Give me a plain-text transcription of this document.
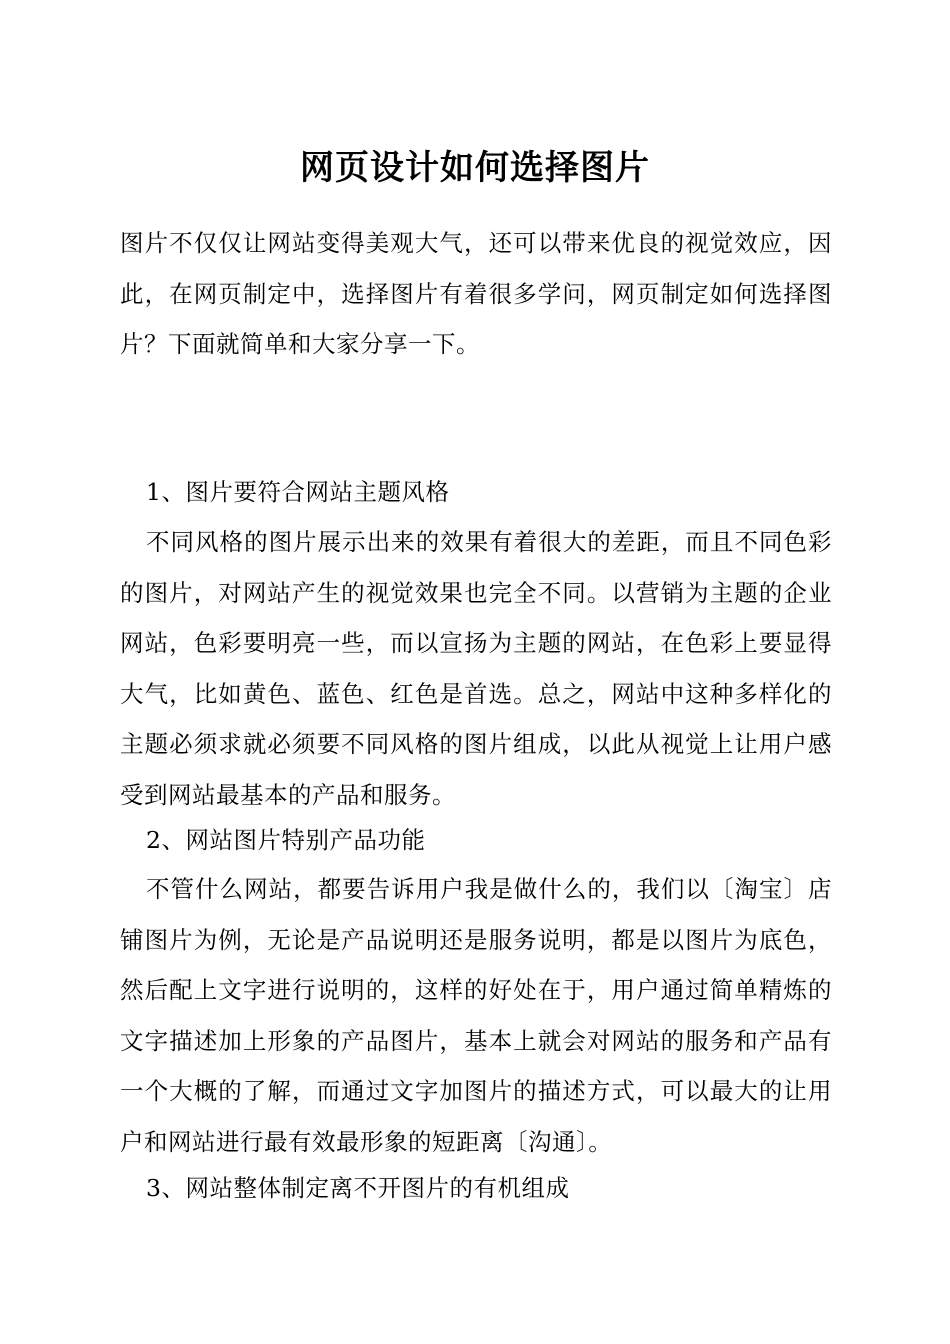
网页设计如何选择图片

图片不仅仅让网站变得美观大气，还可以带来优良的视觉效应，因此，在网页制定中，选择图片有着很多学问，网页制定如何选择图片？下面就简单和大家分享一下。

1、图片要符合网站主题风格

不同风格的图片展示出来的效果有着很大的差距，而且不同色彩的图片，对网站产生的视觉效果也完全不同。以营销为主题的企业网站，色彩要明亮一些，而以宣扬为主题的网站，在色彩上要显得大气，比如黄色、蓝色、红色是首选。总之，网站中这种多样化的主题必须求就必须要不同风格的图片组成，以此从视觉上让用户感受到网站最基本的产品和服务。

2、网站图片特别产品功能

不管什么网站，都要告诉用户我是做什么的，我们以〔淘宝〕店铺图片为例，无论是产品说明还是服务说明，都是以图片为底色，然后配上文字进行说明的，这样的好处在于，用户通过简单精炼的文字描述加上形象的产品图片，基本上就会对网站的服务和产品有一个大概的了解，而通过文字加图片的描述方式，可以最大的让用户和网站进行最有效最形象的短距离〔沟通〕。

3、网站整体制定离不开图片的有机组成
